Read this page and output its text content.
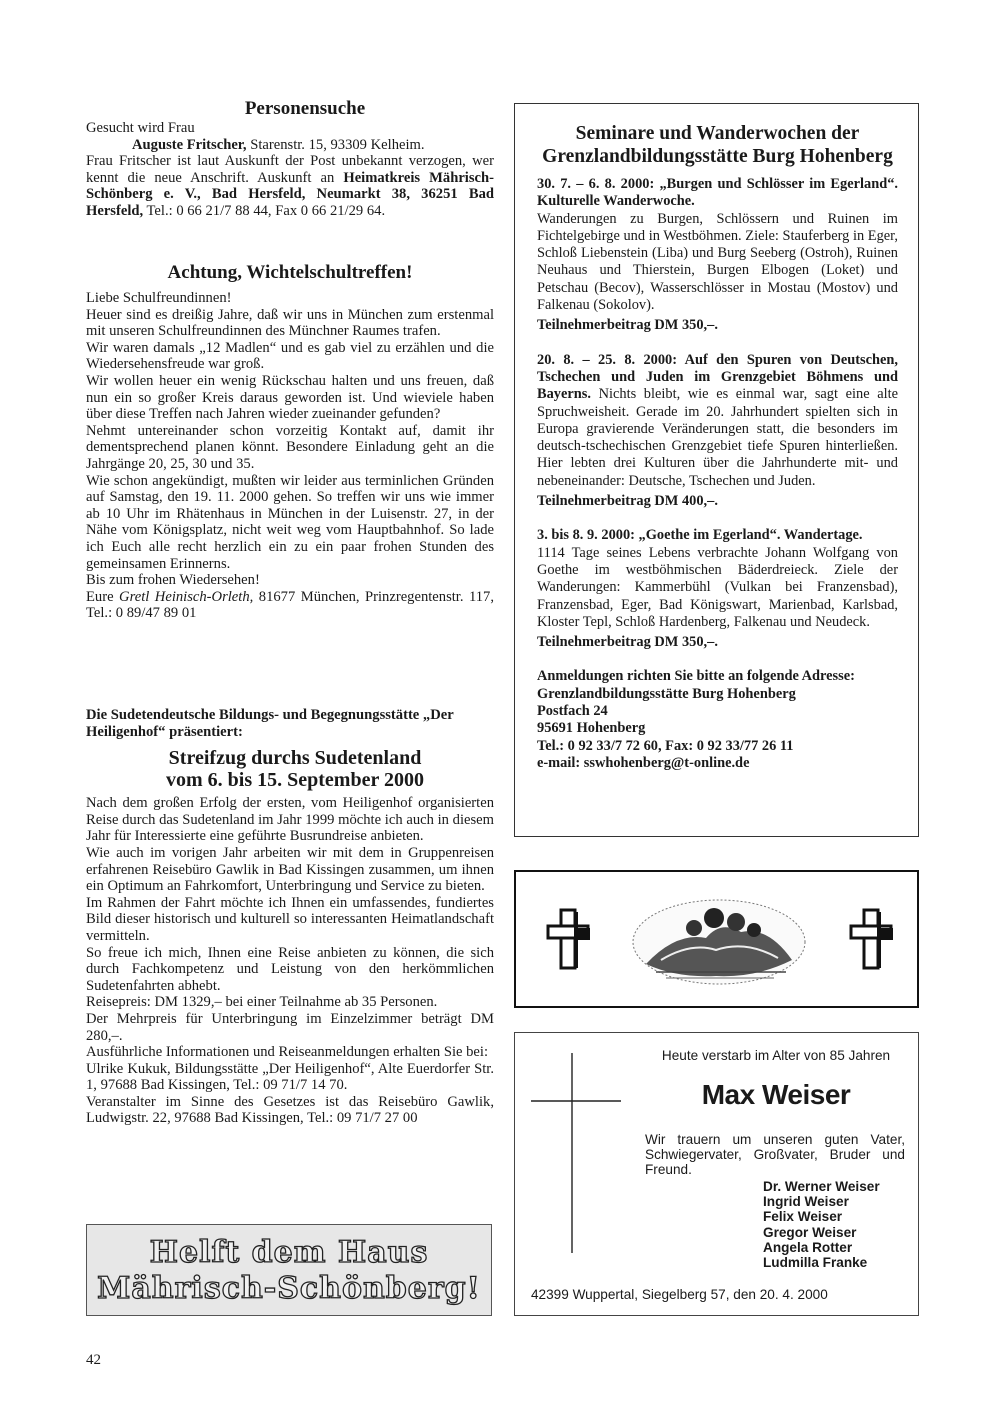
Personensuche

Gesucht wird Frau

Auguste Fritscher, Starenstr. 15, 93309 Kelheim.

Frau Fritscher ist laut Auskunft der Post unbekannt verzogen, wer kennt die neue Anschrift. Auskunft an Heimatkreis Mährisch-Schönberg e. V., Bad Hersfeld, Neumarkt 38, 36251 Bad Hersfeld, Tel.: 0 66 21/7 88 44, Fax 0 66 21/29 64.

Achtung, Wichtelschultreffen!

Liebe Schulfreundinnen!

Heuer sind es dreißig Jahre, daß wir uns in München zum erstenmal mit unseren Schulfreundinnen des Münchner Raumes trafen.

Wir waren damals „12 Madlen“ und es gab viel zu erzählen und die Wiedersehensfreude war groß.

Wir wollen heuer ein wenig Rückschau halten und uns freuen, daß nun ein so großer Kreis daraus geworden ist. Und wieviele haben über diese Treffen nach Jahren wieder zueinander gefunden?

Nehmt untereinander schon vorzeitig Kontakt auf, damit ihr dementsprechend planen könnt. Besondere Einladung geht an die Jahrgänge 20, 25, 30 und 35.

Wie schon angekündigt, mußten wir leider aus terminlichen Gründen auf Samstag, den 19. 11. 2000 gehen. So treffen wir uns wie immer ab 10 Uhr im Rhätenhaus in München in der Luisenstr. 27, in der Nähe vom Königsplatz, nicht weit weg vom Hauptbahnhof. So lade ich Euch alle recht herzlich ein zu ein paar frohen Stunden des gemeinsamen Erinnerns.

Bis zum frohen Wiedersehen!

Eure Gretl Heinisch-Orleth, 81677 München, Prinzregentenstr. 117, Tel.: 0 89/47 89 01

Die Sudetendeutsche Bildungs- und Begegnungsstätte „Der Heiligenhof“ präsentiert:

Streifzug durchs Sudetenland
vom 6. bis 15. September 2000

Nach dem großen Erfolg der ersten, vom Heiligenhof organisierten Reise durch das Sudetenland im Jahr 1999 möchte ich auch in diesem Jahr für Interessierte eine geführte Busrundreise anbieten.

Wie auch im vorigen Jahr arbeiten wir mit dem in Gruppenreisen erfahrenen Reisebüro Gawlik in Bad Kissingen zusammen, um ihnen ein Optimum an Fahrkomfort, Unterbringung und Service zu bieten.

Im Rahmen der Fahrt möchte ich Ihnen ein umfassendes, fundiertes Bild dieser historisch und kulturell so interessanten Heimatlandschaft vermitteln.

So freue ich mich, Ihnen eine Reise anbieten zu können, die sich durch Fachkompetenz und Leistung von den herkömmlichen Sudetenfahrten abhebt.

Reisepreis: DM 1329,– bei einer Teilnahme ab 35 Personen.

Der Mehrpreis für Unterbringung im Einzelzimmer beträgt DM 280,–.

Ausführliche Informationen und Reiseanmeldungen erhalten Sie bei:

Ulrike Kukuk, Bildungsstätte „Der Heiligenhof“, Alte Euerdorfer Str. 1, 97688 Bad Kissingen, Tel.: 09 71/7 14 70.

Veranstalter im Sinne des Gesetzes ist das Reisebüro Gawlik, Ludwigstr. 22, 97688 Bad Kissingen, Tel.: 09 71/7 27 00

Helft dem Haus
Mährisch-Schönberg!
Seminare und Wanderwochen der
Grenzlandbildungsstätte Burg Hohenberg

30. 7. – 6. 8. 2000: „Burgen und Schlösser im Egerland“. Kulturelle Wanderwoche.

Wanderungen zu Burgen, Schlössern und Ruinen im Fichtelgebirge und in Westböhmen. Ziele: Stauferberg in Eger, Schloß Liebenstein (Liba) und Burg Seeberg (Ostroh), Ruinen Neuhaus und Thierstein, Burgen Elbogen (Loket) und Petschau (Becov), Wasserschlösser in Mostau (Mostov) und Falkenau (Sokolov).

Teilnehmerbeitrag DM 350,–.

20. 8. – 25. 8. 2000: Auf den Spuren von Deutschen, Tschechen und Juden im Grenzgebiet Böhmens und Bayerns. Nichts bleibt, wie es einmal war, sagt eine alte Spruchweisheit. Gerade im 20. Jahrhundert spielten sich in Europa gravierende Veränderungen statt, die besonders im deutsch-tschechischen Grenzgebiet tiefe Spuren hinterließen. Hier lebten drei Kulturen über die Jahrhunderte mit- und nebeneinander: Deutsche, Tschechen und Juden.

Teilnehmerbeitrag DM 400,–.

3. bis 8. 9. 2000: „Goethe im Egerland“. Wandertage.

1114 Tage seines Lebens verbrachte Johann Wolfgang von Goethe im westböhmischen Bäderdreieck. Ziele der Wanderungen: Kammerbühl (Vulkan bei Franzensbad), Franzensbad, Eger, Bad Königswart, Marienbad, Karlsbad, Kloster Tepl, Schloß Hardenberg, Falkenau und Neudeck.

Teilnehmerbeitrag DM 350,–.

Anmeldungen richten Sie bitte an folgende Adresse:

Grenzlandbildungsstätte Burg Hohenberg

Postfach 24

95691 Hohenberg

Tel.: 0 92 33/7 72 60, Fax: 0 92 33/77 26 11

e-mail: sswhohenberg@t-online.de

Heute verstarb im Alter von 85 Jahren
Max Weiser
Wir trauern um unseren guten Vater, Schwiegervater, Großvater, Bruder und Freund.
Dr. Werner Weiser
Ingrid Weiser
Felix Weiser
Gregor Weiser
Angela Rotter
Ludmilla Franke
42399 Wuppertal, Siegelberg 57, den 20. 4. 2000
42
